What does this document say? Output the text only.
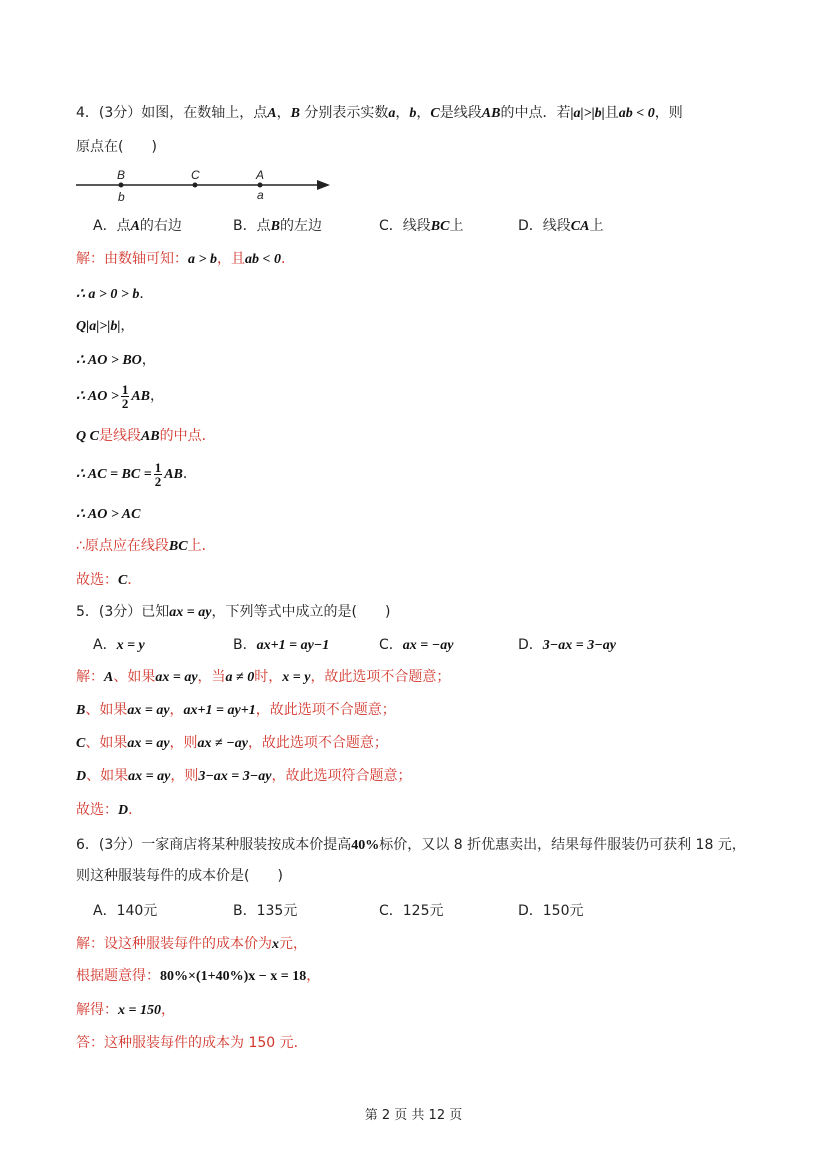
4．(3分）如图，在数轴上，点A，B 分别表示实数a，b，C是线段AB的中点．若|a|>|b|且ab < 0，则
原点在(　　)
B
b
C	A
a
A．点A的右边	B．点B的左边	C．线段BC上	D．线段CA上
解：由数轴可知：a > b，且ab < 0．
∴ a > 0 > b．
Q|a|>|b|，
∴ AO > BO，
∴ AO > $\frac{1}{2}$ AB，
Q C是线段AB的中点．
∴ AC = BC = $\frac{1}{2}$ AB．
∴ AO > AC
∴原点应在线段BC上．
故选：C．
5．(3分）已知ax = ay，下列等式中成立的是(　　)
A．x = y	B．ax+1 = ay−1	C．ax = −ay	D．3−ax = 3−ay
解：A、如果ax = ay，当a ≠ 0时，x = y，故此选项不合题意；
B、如果ax = ay，ax+1 = ay+1，故此选项不合题意；
C、如果ax = ay，则ax ≠ −ay，故此选项不合题意；
D、如果ax = ay，则3−ax = 3−ay，故此选项符合题意；
故选：D．
6．(3分）一家商店将某种服装按成本价提高40%标价，又以 8 折优惠卖出，结果每件服装仍可获利 18 元，
则这种服装每件的成本价是(　　)
A．140元	B．135元	C．125元	D．150元
解：设这种服装每件的成本价为x元，
根据题意得：80%×(1+40%)x − x = 18，
解得：x = 150，
答：这种服装每件的成本为 150 元．
第 2 页 共 12 页
